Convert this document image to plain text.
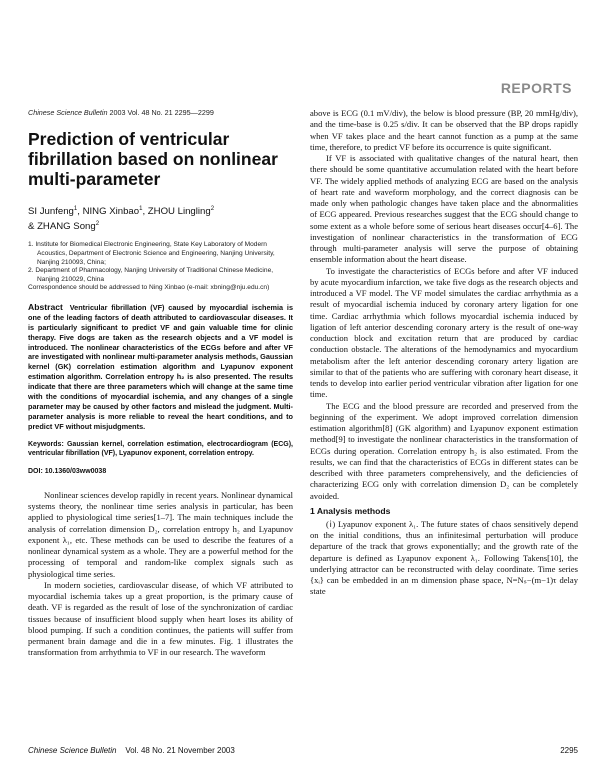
REPORTS
Chinese Science Bulletin 2003 Vol. 48 No. 21 2295—2299
Prediction of ventricular fibrillation based on nonlinear multi-parameter
SI Junfeng$^1$, NING Xinbao$^1$, ZHOU Lingling$^2$
& ZHANG Song$^2$

1. Institute for Biomedical Electronic Engineering, State Key Laboratory of Modern Acoustics, Department of Electronic Science and Engineering, Nanjing University, Nanjing 210093, China;

2. Department of Pharmacology, Nanjing University of Traditional Chinese Medicine, Nanjing 210029, China

Correspondence should be addressed to Ning Xinbao (e-mail: xbning@nju.edu.cn)

Abstract Ventricular fibrillation (VF) caused by myocardial ischemia is one of the leading factors of death attributed to cardiovascular diseases. It is particularly significant to predict VF and gain valuable time for clinic therapy. Five dogs are taken as the research objects and a VF model is introduced. The nonlinear characteristics of the ECGs before and after VF are investigated with nonlinear multi-parameter analysis methods, Gaussian kernel (GK) correlation estimation algorithm and Lyapunov exponent estimation algorithm. Correlation entropy h₂ is also presented. The results indicate that there are three parameters which will change at the same time with the conditions of myocardial ischemia, and any changes of a single parameter may be caused by other factors and mislead the judgment. Multi-parameter analysis is more reliable to reveal the heart conditions, and to predict VF without misjudgments.

Keywords: Gaussian kernel, correlation estimation, electrocardiogram (ECG), ventricular fibrillation (VF), Lyapunov exponent, correlation entropy.

DOI: 10.1360/03ww0038

Nonlinear sciences develop rapidly in recent years. Nonlinear dynamical systems theory, the nonlinear time series analysis in particular, has been applied to physiological time series[1–7]. The main techniques include the analysis of correlation dimension D₂, correlation entropy h₂ and Lyapunov exponent λ₁, etc. These methods can be used to describe the features of a nonlinear dynamical system as a whole. They are a powerful method for the processing of temporal and random-like complex signals such as physiological time series.

In modern societies, cardiovascular disease, of which VF attributed to myocardial ischemia takes up a great proportion, is the primary cause of death. VF is regarded as the result of lose of the synchronization of cardiac tissues because of insufficient blood supply when heart loses its ability of blood pumping. If such a condition continues, the patients will suffer from permanent brain damage and die in a few minutes. Fig. 1 illustrates the transformation from arrhythmia to VF in our research. The waveform

above is ECG (0.1 mV/div), the below is blood pressure (BP, 20 mmHg/div), and the time-base is 0.25 s/div. It can be observed that the BP drops rapidly when VF takes place and the heart cannot function as a pump at the same time, therefore, to predict VF before its occurrence is quite significant.

If VF is associated with qualitative changes of the natural heart, then there should be some quantitative accumulation related with the heart before VF. The widely applied methods of analyzing ECG are based on the analysis of heart rate and waveform morphology, and the correct diagnosis can be made only when pathologic changes have taken place and the abnormalities of ECG appeared. Previous researches suggest that the ECG should change to some extent as a whole before some of serious heart diseases occur[4–6]. The investigation of nonlinear characteristics in the transformation of ECG through multi-parameter analysis will serve the purpose of obtaining ensemble information about the heart disease.

To investigate the characteristics of ECGs before and after VF induced by acute myocardium infarction, we take five dogs as the research objects and introduced a VF model. The VF model simulates the cardiac arrhythmia as a result of myocardial ischemia induced by coronary artery ligation for one time. Cardiac arrhythmia which follows myocardial ischemia induced by ligation of left anterior descending coronary artery is the result of one-way conduction block and excitation return that are produced by cardiac conduction obstacle. The alterations of the hemodynamics and myocardium metabolism after the left anterior descending coronary artery ligation are similar to that of the patients who are suffering with coronary heart disease, it tends to develop into earlier period ventricular vibration after ligation for one time.

The ECG and the blood pressure are recorded and preserved from the beginning of the experiment. We adopt improved correlation dimension estimation algorithm[8] (GK algorithm) and Lyapunov exponent estimation method[9] to investigate the nonlinear characteristics in the transformation of ECGs during operation. Correlation entropy h₂ is also estimated. From the results, we can find that the characteristics of ECGs in different states can be described with three parameters comprehensively, and the deficiencies of characterizing ECG only with correlation dimension D₂ can be completely avoided.

1 Analysis methods

(ⅰ) Lyapunov exponent λ₁. The future states of chaos sensitively depend on the initial conditions, thus an infinitesimal perturbation will produce departure of the track that grows exponentially; and the growth rate of the departure is defined as Lyapunov exponent λ₁. Following Takens[10], the underlying attractor can be reconstructed with delay coordinate. Time series {xᵢ} can be embedded in an m dimension phase space, N=Nₛ−(m−1)τ delay state

Chinese Science Bulletin Vol. 48 No. 21 November 2003	2295
